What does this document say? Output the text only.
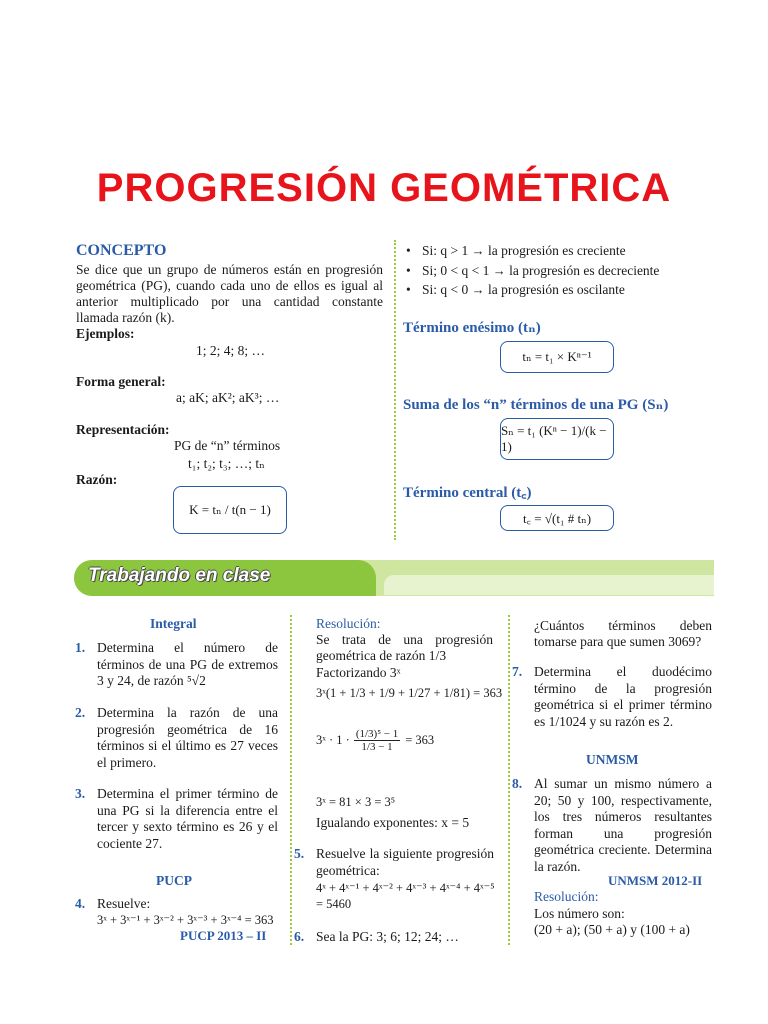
PROGRESIÓN GEOMÉTRICA
CONCEPTO
Se dice que un grupo de números están en progresión geométrica (PG), cuando cada uno de ellos es igual al anterior multiplicado por una cantidad constante llamada razón (k).
Ejemplos:
1; 2; 4; 8; …
Forma general:
a; aK; aK²; aK³; …
Representación:
PG de “n” términos
t₁; t₂; t₃; …; tₙ
Razón:
K = tₙ / t(n − 1)
• Si: q > 1 → la progresión es creciente
• Si; 0 < q < 1 → la progresión es decreciente
• Si: q < 0 → la progresión es oscilante
Término enésimo (tₙ)
tₙ = t₁ × Kⁿ⁻¹
Suma de los “n” términos de una PG (Sₙ)
Sₙ = t₁ (Kⁿ − 1)/(k − 1)
Término central (t꜀)
t꜀ = √(t₁ # tₙ)
Trabajando en clase
Integral
1. Determina el número de términos de una PG de extremos 3 y 24, de razón ⁵√2
2. Determina la razón de una progresión geométrica de 16 términos si el último es 27 veces el primero.
3. Determina el primer término de una PG si la diferencia entre el tercer y sexto término es 26 y el cociente 27.
PUCP
4. Resuelve:
3ˣ + 3ˣ⁻¹ + 3ˣ⁻² + 3ˣ⁻³ + 3ˣ⁻⁴ = 363
PUCP 2013 – II
Resolución:
Se trata de una progresión geométrica de razón 1/3
Factorizando 3ˣ
3ˣ(1 + 1/3 + 1/9 + 1/27 + 1/81) = 363
3ˣ · $1 \cdot \frac{\text{(1/3)⁵ − 1}}{1/3 - 1} = 363$
3ˣ = 81 × 3 = 3⁵
Igualando exponentes: x = 5
5. Resuelve la siguiente progresión geométrica:
4ˣ + 4ˣ⁻¹ + 4ˣ⁻² + 4ˣ⁻³ + 4ˣ⁻⁴ + 4ˣ⁻⁵ = 5460
6. Sea la PG: 3; 6; 12; 24; …
¿Cuántos términos deben tomarse para que sumen 3069?
7. Determina el duodécimo término de la progresión geométrica si el primer término es 1/1024 y su razón es 2.
UNMSM
8. Al sumar un mismo número a 20; 50 y 100, respectivamente, los tres números resultantes forman una progresión geométrica creciente. Determina la razón.
UNMSM 2012-II
Resolución:
Los número son:
(20 + a); (50 + a) y (100 + a)
